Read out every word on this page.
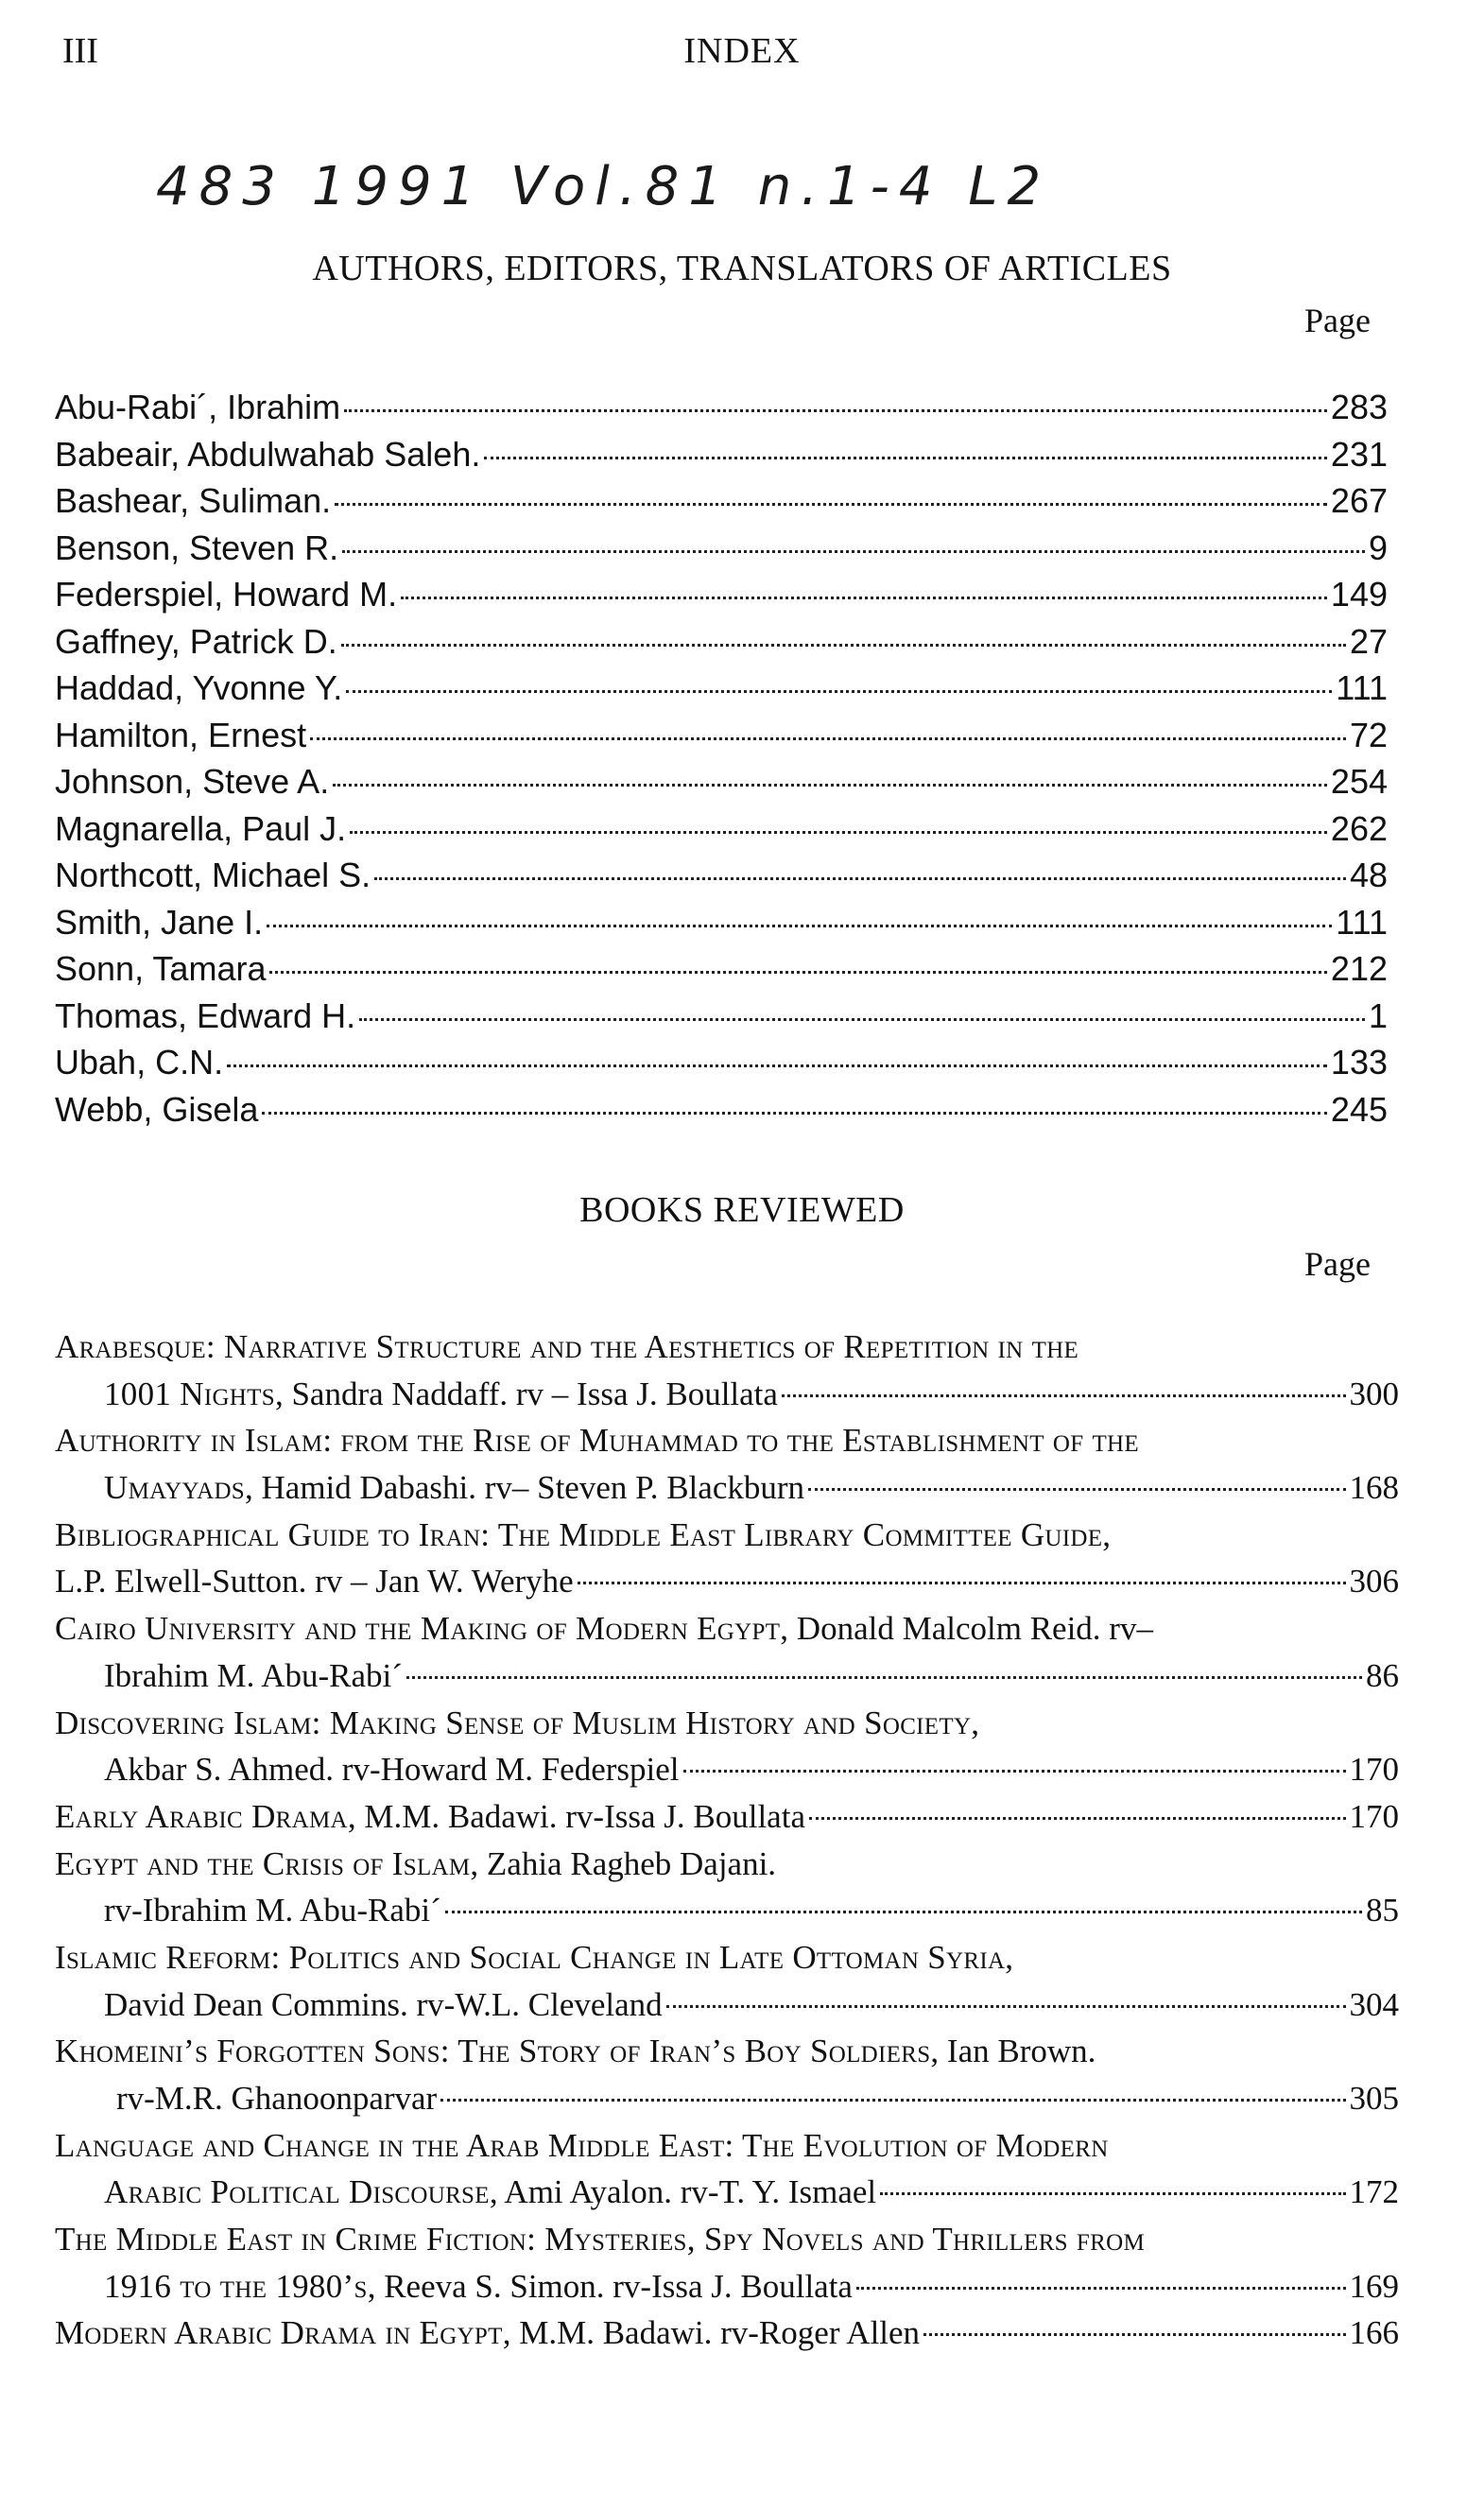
III	INDEX
483 1991 Vol.81 n.1-4 L2
AUTHORS, EDITORS, TRANSLATORS OF ARTICLES
Page
Abu-Rabi´, Ibrahim	283
Babeair, Abdulwahab Saleh.	231
Bashear, Suliman.	267
Benson, Steven R.	9
Federspiel, Howard M.	149
Gaffney, Patrick D.	27
Haddad, Yvonne Y.	111
Hamilton, Ernest	72
Johnson, Steve A.	254
Magnarella, Paul J.	262
Northcott, Michael S.	48
Smith, Jane I.	111
Sonn, Tamara	212
Thomas, Edward H.	1
Ubah, C.N.	133
Webb, Gisela	245
BOOKS REVIEWED
Page
Arabesque: Narrative Structure and the Aesthetics of Repetition in the
1001 Nights , Sandra Naddaff. rv – Issa J. Boullata	300
Authority in Islam: from the Rise of Muhammad to the Establishment of the
Umayyads , Hamid Dabashi. rv– Steven P. Blackburn	168
Bibliographical Guide to Iran: The Middle East Library Committee Guide,
L.P. Elwell-Sutton. rv – Jan W. Weryhe	306
Cairo University and the Making of Modern Egypt , Donald Malcolm Reid. rv–
Ibrahim M. Abu-Rabi´	86
Discovering Islam: Making Sense of Muslim History and Society,
Akbar S. Ahmed. rv-Howard M. Federspiel	170
Early Arabic Drama , M.M. Badawi. rv-Issa J. Boullata	170
Egypt and the Crisis of Islam , Zahia Ragheb Dajani.
rv-Ibrahim M. Abu-Rabi´	85
Islamic Reform: Politics and Social Change in Late Ottoman Syria,
David Dean Commins. rv-W.L. Cleveland	304
Khomeini’s Forgotten Sons: The Story of Iran’s Boy Soldiers , Ian Brown.
rv-M.R. Ghanoonparvar	305
Language and Change in the Arab Middle East: The Evolution of Modern
Arabic Political Discourse , Ami Ayalon. rv-T. Y. Ismael	172
The Middle East in Crime Fiction: Mysteries, Spy Novels and Thrillers from
1916 to the 1980’s , Reeva S. Simon. rv-Issa J. Boullata	169
Modern Arabic Drama in Egypt , M.M. Badawi. rv-Roger Allen	166
